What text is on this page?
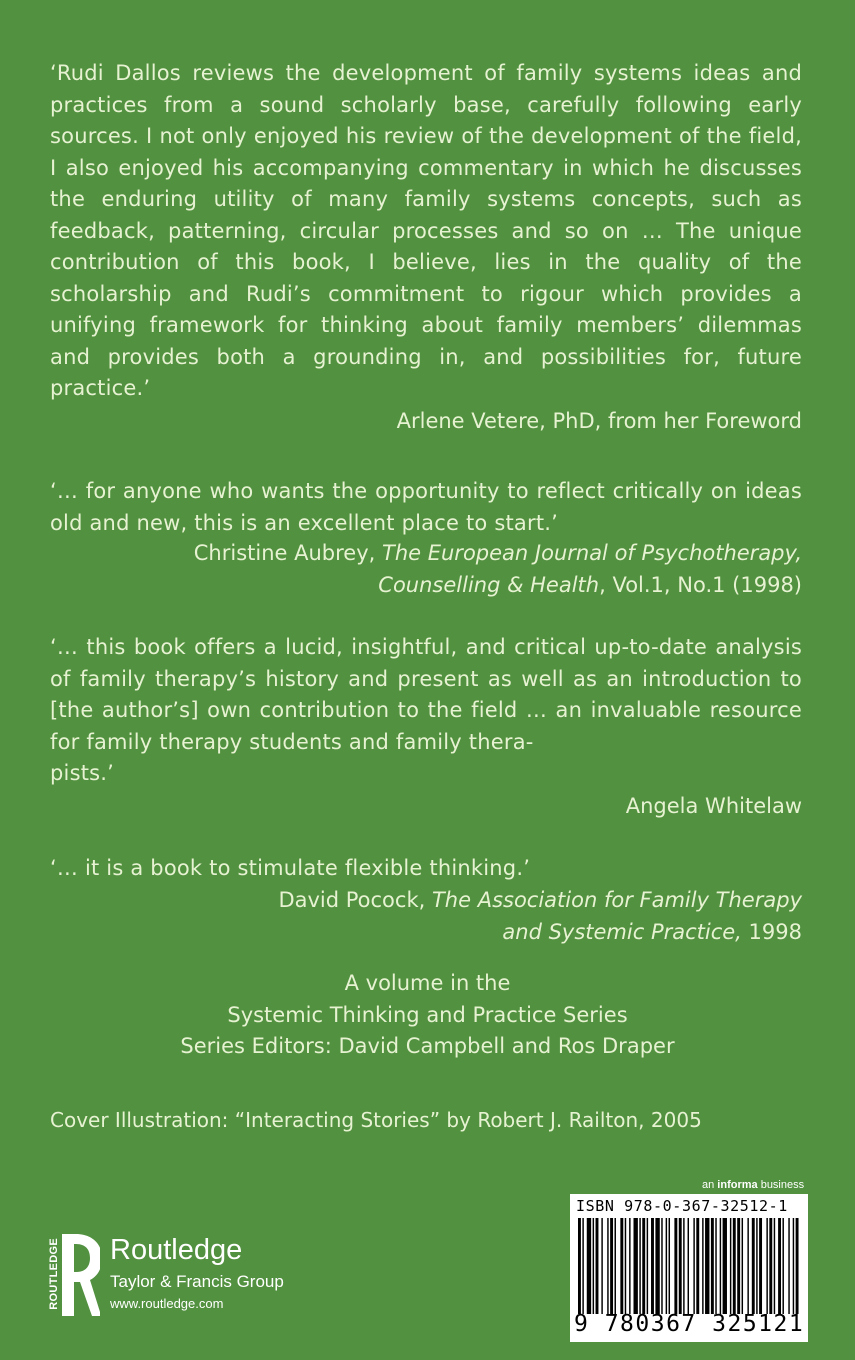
‘Rudi Dallos reviews the development of family systems ideas and practices from a sound scholarly base, carefully following early sources. I not only enjoyed his review of the development of the field, I also enjoyed his accompanying commentary in which he discusses the enduring utility of many family systems concepts, such as feedback, patterning, circular processes and so on … The unique contribution of this book, I believe, lies in the quality of the scholarship and Rudi’s commitment to rigour which provides a unifying framework for thinking about family members’ dilemmas and provides both a grounding in, and possibilities for, future practice.’

Arlene Vetere, PhD, from her Foreword

‘… for anyone who wants the opportunity to reflect critically on ideas old and new, this is an excellent place to start.’

Christine Aubrey, The European Journal of Psychotherapy,
Counselling & Health, Vol.1, No.1 (1998)

‘… this book offers a lucid, insightful, and critical up-to-date analysis of family therapy’s history and present as well as an introduction to [the author’s] own contribution to the field … an invaluable resource for family therapy students and family thera-

pists.’

Angela Whitelaw

‘… it is a book to stimulate flexible thinking.’

David Pocock, The Association for Family Therapy
and Systemic Practice, 1998
A volume in the
Systemic Thinking and Practice Series
Series Editors: David Campbell and Ros Draper
Cover Illustration: “Interacting Stories” by Robert J. Railton, 2005
an informa business
ISBN 978-0-367-32512-1
9 780367 325121
ROUTLEDGE Routledge
Taylor & Francis Group
www.routledge.com
